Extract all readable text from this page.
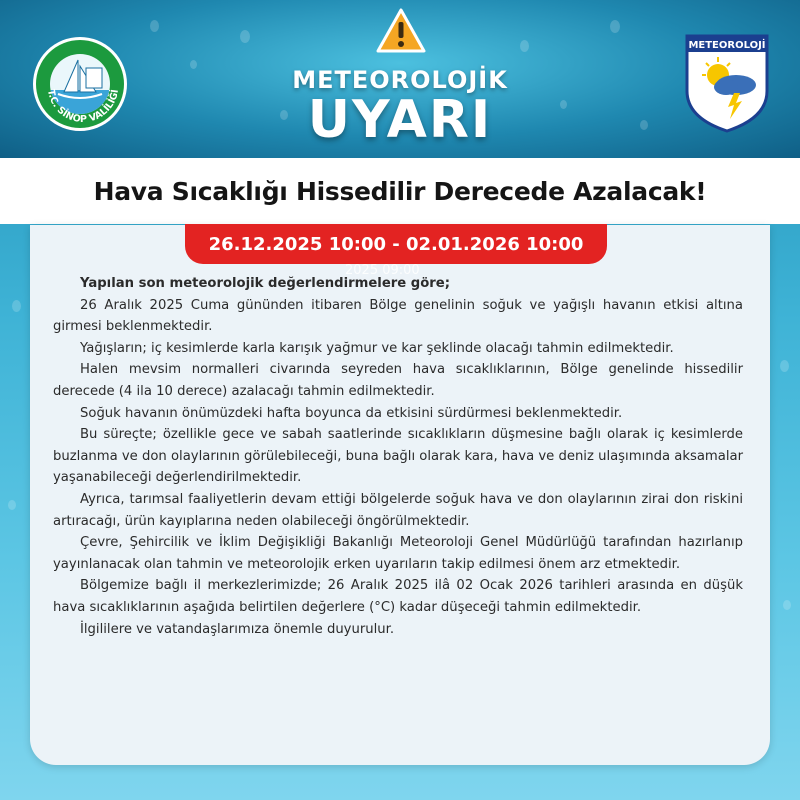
T.C. SİNOP VALİLİĞİ	METEOROLOJİK
UYARI
METEOROLOJİ
Hava Sıcaklığı Hissedilir Derecede Azalacak!
26.12.2025 10:00 - 02.01.2026 10:00
2025 09:00

Yapılan son meteorolojik değerlendirmelere göre;

26 Aralık 2025 Cuma gününden itibaren Bölge genelinin soğuk ve yağışlı havanın etkisi altına girmesi beklenmektedir.

Yağışların; iç kesimlerde karla karışık yağmur ve kar şeklinde olacağı tahmin edilmektedir.

Halen mevsim normalleri civarında seyreden hava sıcaklıklarının, Bölge genelinde hissedilir derecede (4 ila 10 derece) azalacağı tahmin edilmektedir.

Soğuk havanın önümüzdeki hafta boyunca da etkisini sürdürmesi beklenmektedir.

Bu süreçte; özellikle gece ve sabah saatlerinde sıcaklıkların düşmesine bağlı olarak iç kesimlerde buzlanma ve don olaylarının görülebileceği, buna bağlı olarak kara, hava ve deniz ulaşımında aksamalar yaşanabileceği değerlendirilmektedir.

Ayrıca, tarımsal faaliyetlerin devam ettiği bölgelerde soğuk hava ve don olaylarının zirai don riskini artıracağı, ürün kayıplarına neden olabileceği öngörülmektedir.

Çevre, Şehircilik ve İklim Değişikliği Bakanlığı Meteoroloji Genel Müdürlüğü tarafından hazırlanıp yayınlanacak olan tahmin ve meteorolojik erken uyarıların takip edilmesi önem arz etmektedir.

Bölgemize bağlı il merkezlerimizde; 26 Aralık 2025 ilâ 02 Ocak 2026 tarihleri arasında en düşük hava sıcaklıklarının aşağıda belirtilen değerlere (°C) kadar düşeceği tahmin edilmektedir.

İlgililere ve vatandaşlarımıza önemle duyurulur.
